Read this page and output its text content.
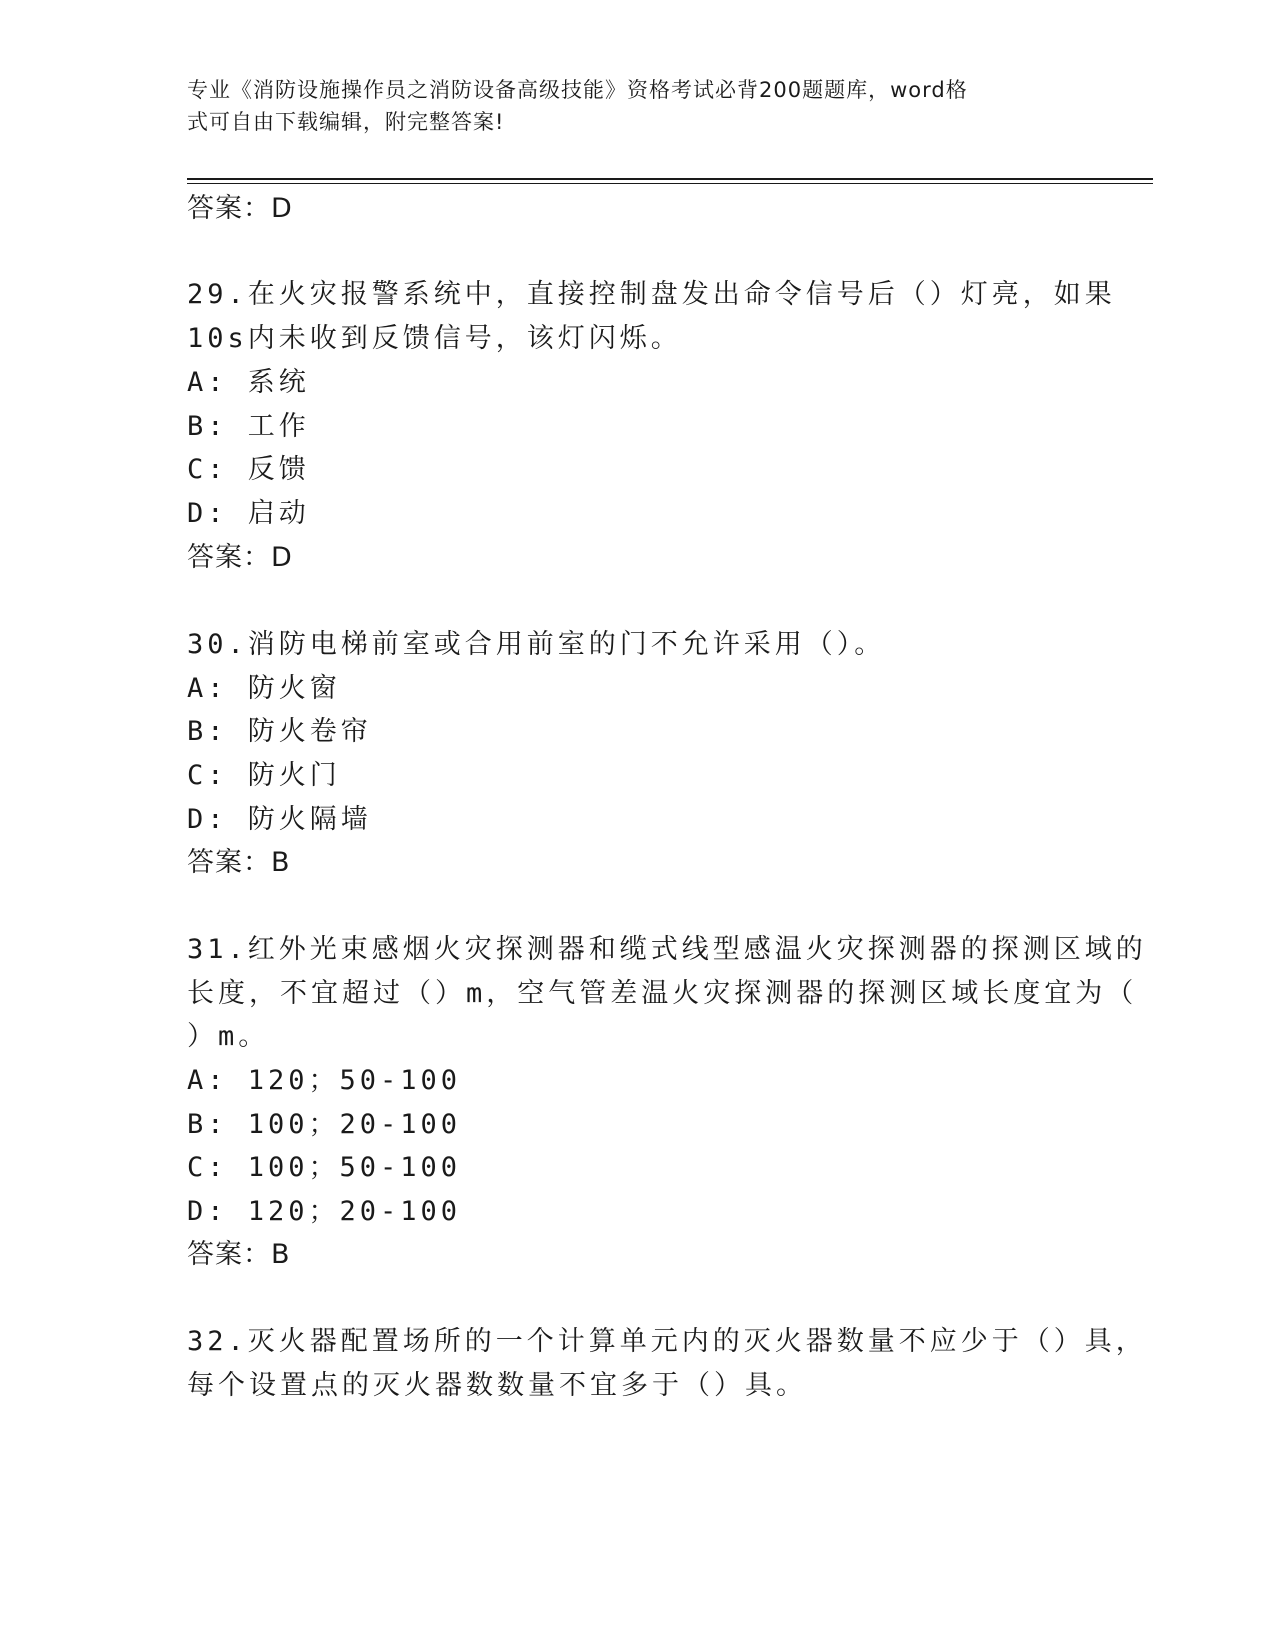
专业《消防设施操作员之消防设备高级技能》资格考试必背200题题库，word格
式可自由下载编辑，附完整答案!
答案：D
29.在火灾报警系统中，直接控制盘发出命令信号后（）灯亮，如果
10s内未收到反馈信号，该灯闪烁。
A: 系统
B: 工作
C: 反馈
D: 启动
答案：D
30.消防电梯前室或合用前室的门不允许采用（）。
A: 防火窗
B: 防火卷帘
C: 防火门
D: 防火隔墙
答案：B
31.红外光束感烟火灾探测器和缆式线型感温火灾探测器的探测区域的
长度，不宜超过（）m，空气管差温火灾探测器的探测区域长度宜为（
）m。
A: 120；50-100
B: 100；20-100
C: 100；50-100
D: 120；20-100
答案：B
32.灭火器配置场所的一个计算单元内的灭火器数量不应少于（）具，
每个设置点的灭火器数数量不宜多于（）具。
